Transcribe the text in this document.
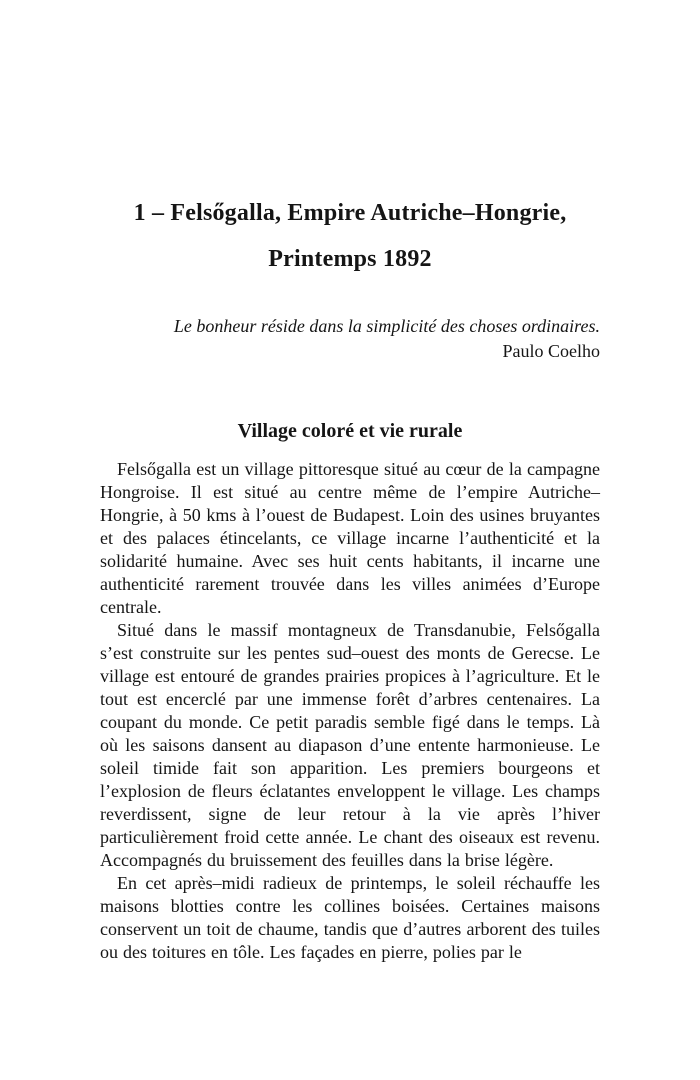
1 – Felsőgalla, Empire Autriche–Hongrie,
Printemps 1892
Le bonheur réside dans la simplicité des choses ordinaires.
Paulo Coelho
Village coloré et vie rurale

Felsőgalla est un village pittoresque situé au cœur de la campagne Hongroise. Il est situé au centre même de l’empire Autriche–Hongrie, à 50 kms à l’ouest de Budapest. Loin des usines bruyantes et des palaces étincelants, ce village incarne l’authenticité et la solidarité humaine. Avec ses huit cents habitants, il incarne une authenticité rarement trouvée dans les villes animées d’Europe centrale.

Situé dans le massif montagneux de Transdanubie, Felsőgalla s’est construite sur les pentes sud–ouest des monts de Gerecse. Le village est entouré de grandes prairies propices à l’agriculture. Et le tout est encerclé par une immense forêt d’arbres centenaires. La coupant du monde. Ce petit paradis semble figé dans le temps. Là où les saisons dansent au diapason d’une entente harmonieuse. Le soleil timide fait son apparition. Les premiers bourgeons et l’explosion de fleurs éclatantes enveloppent le village. Les champs reverdissent, signe de leur retour à la vie après l’hiver particulièrement froid cette année. Le chant des oiseaux est revenu. Accompagnés du bruissement des feuilles dans la brise légère.

En cet après–midi radieux de printemps, le soleil réchauffe les maisons blotties contre les collines boisées. Certaines maisons conservent un toit de chaume, tandis que d’autres arborent des tuiles ou des toitures en tôle. Les façades en pierre, polies par le
